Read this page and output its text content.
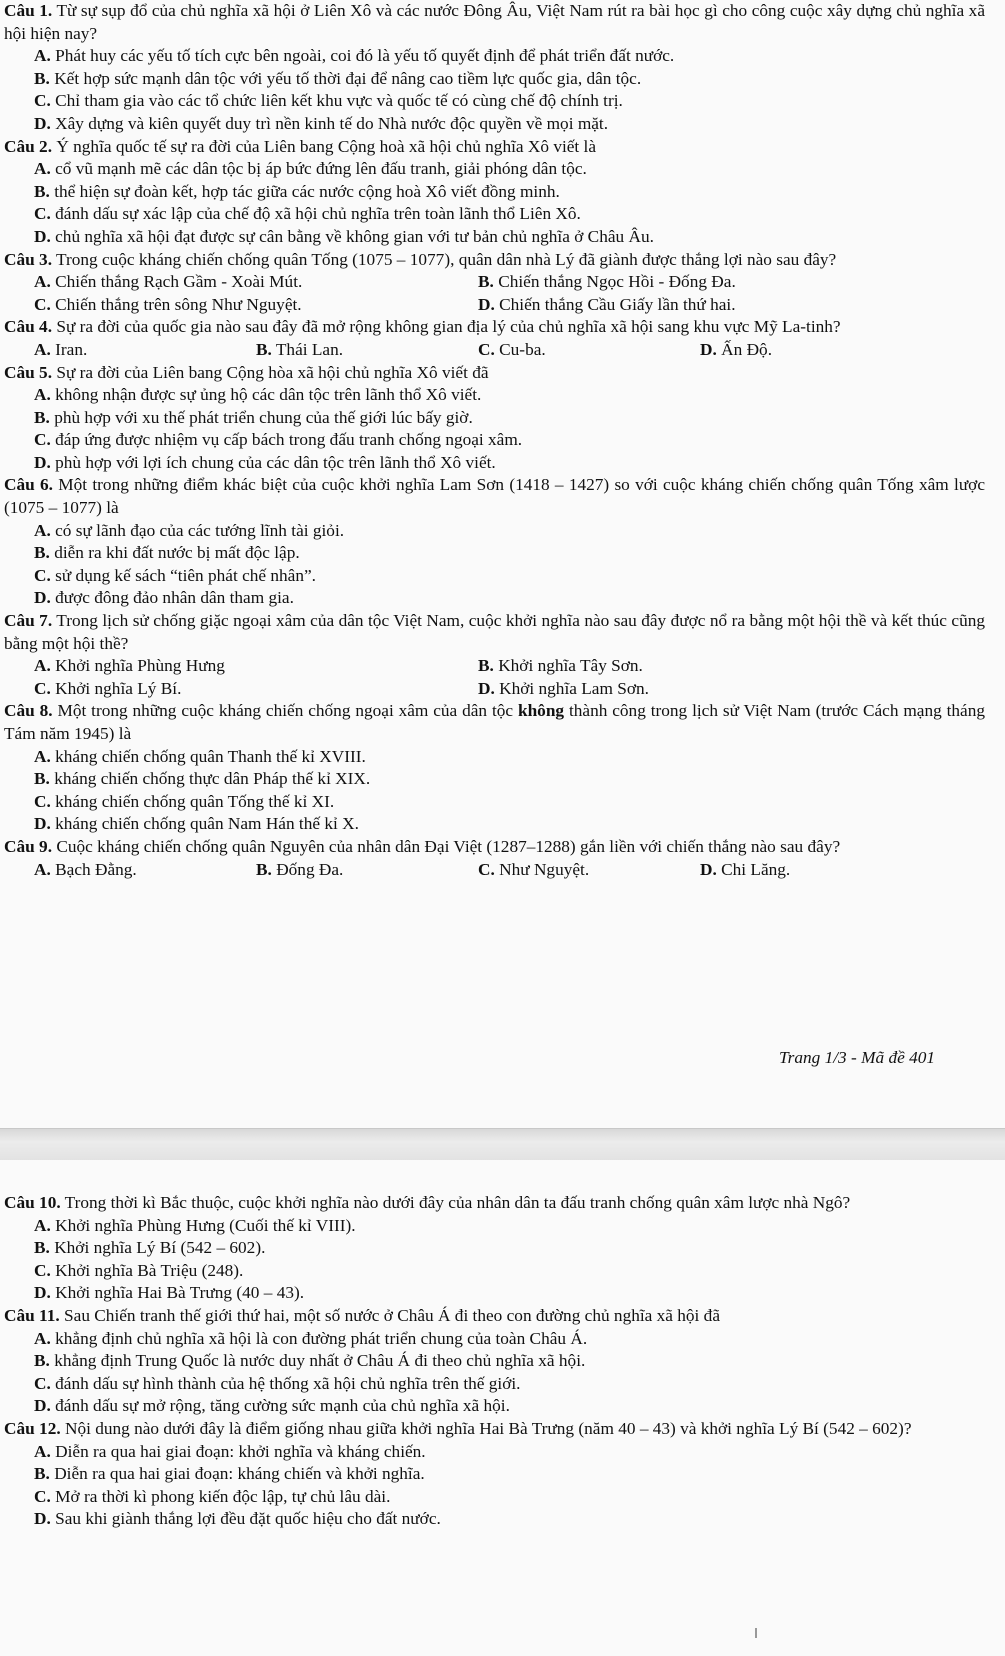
Câu 1. Từ sự sụp đổ của chủ nghĩa xã hội ở Liên Xô và các nước Đông Âu, Việt Nam rút ra bài học gì cho công cuộc xây dựng chủ nghĩa xã hội hiện nay?

A. Phát huy các yếu tố tích cực bên ngoài, coi đó là yếu tố quyết định để phát triển đất nước.

B. Kết hợp sức mạnh dân tộc với yếu tố thời đại để nâng cao tiềm lực quốc gia, dân tộc.

C. Chỉ tham gia vào các tổ chức liên kết khu vực và quốc tế có cùng chế độ chính trị.

D. Xây dựng và kiên quyết duy trì nền kinh tế do Nhà nước độc quyền về mọi mặt.

Câu 2. Ý nghĩa quốc tế sự ra đời của Liên bang Cộng hoà xã hội chủ nghĩa Xô viết là

A. cổ vũ mạnh mẽ các dân tộc bị áp bức đứng lên đấu tranh, giải phóng dân tộc.

B. thể hiện sự đoàn kết, hợp tác giữa các nước cộng hoà Xô viết đồng minh.

C. đánh dấu sự xác lập của chế độ xã hội chủ nghĩa trên toàn lãnh thổ Liên Xô.

D. chủ nghĩa xã hội đạt được sự cân bằng về không gian với tư bản chủ nghĩa ở Châu Âu.

Câu 3. Trong cuộc kháng chiến chống quân Tống (1075 – 1077), quân dân nhà Lý đã giành được thắng lợi nào sau đây?

A. Chiến thắng Rạch Gầm - Xoài Mút.	B. Chiến thắng Ngọc Hồi - Đống Đa.
C. Chiến thắng trên sông Như Nguyệt.	D. Chiến thắng Cầu Giấy lần thứ hai.

Câu 4. Sự ra đời của quốc gia nào sau đây đã mở rộng không gian địa lý của chủ nghĩa xã hội sang khu vực Mỹ La-tinh?

A. Iran.	B. Thái Lan.	C. Cu-ba.	D. Ấn Độ.

Câu 5. Sự ra đời của Liên bang Cộng hòa xã hội chủ nghĩa Xô viết đã

A. không nhận được sự ủng hộ các dân tộc trên lãnh thổ Xô viết.

B. phù hợp với xu thế phát triển chung của thế giới lúc bấy giờ.

C. đáp ứng được nhiệm vụ cấp bách trong đấu tranh chống ngoại xâm.

D. phù hợp với lợi ích chung của các dân tộc trên lãnh thổ Xô viết.

Câu 6. Một trong những điểm khác biệt của cuộc khởi nghĩa Lam Sơn (1418 – 1427) so với cuộc kháng chiến chống quân Tống xâm lược (1075 – 1077) là

A. có sự lãnh đạo của các tướng lĩnh tài giỏi.

B. diễn ra khi đất nước bị mất độc lập.

C. sử dụng kế sách “tiên phát chế nhân”.

D. được đông đảo nhân dân tham gia.

Câu 7. Trong lịch sử chống giặc ngoại xâm của dân tộc Việt Nam, cuộc khởi nghĩa nào sau đây được nổ ra bằng một hội thề và kết thúc cũng bằng một hội thề?

A. Khởi nghĩa Phùng Hưng	B. Khởi nghĩa Tây Sơn.
C. Khởi nghĩa Lý Bí.	D. Khởi nghĩa Lam Sơn.

Câu 8. Một trong những cuộc kháng chiến chống ngoại xâm của dân tộc không thành công trong lịch sử Việt Nam (trước Cách mạng tháng Tám năm 1945) là

A. kháng chiến chống quân Thanh thế kỉ XVIII.

B. kháng chiến chống thực dân Pháp thế kỉ XIX.

C. kháng chiến chống quân Tống thế kỉ XI.

D. kháng chiến chống quân Nam Hán thế kỉ X.

Câu 9. Cuộc kháng chiến chống quân Nguyên của nhân dân Đại Việt (1287–1288) gắn liền với chiến thắng nào sau đây?

A. Bạch Đằng.	B. Đống Đa.	C. Như Nguyệt.	D. Chi Lăng.
Trang 1/3 - Mã đề 401

Câu 10. Trong thời kì Bắc thuộc, cuộc khởi nghĩa nào dưới đây của nhân dân ta đấu tranh chống quân xâm lược nhà Ngô?

A. Khởi nghĩa Phùng Hưng (Cuối thế kỉ VIII).

B. Khởi nghĩa Lý Bí (542 – 602).

C. Khởi nghĩa Bà Triệu (248).

D. Khởi nghĩa Hai Bà Trưng (40 – 43).

Câu 11. Sau Chiến tranh thế giới thứ hai, một số nước ở Châu Á đi theo con đường chủ nghĩa xã hội đã

A. khẳng định chủ nghĩa xã hội là con đường phát triển chung của toàn Châu Á.

B. khẳng định Trung Quốc là nước duy nhất ở Châu Á đi theo chủ nghĩa xã hội.

C. đánh dấu sự hình thành của hệ thống xã hội chủ nghĩa trên thế giới.

D. đánh dấu sự mở rộng, tăng cường sức mạnh của chủ nghĩa xã hội.

Câu 12. Nội dung nào dưới đây là điểm giống nhau giữa khởi nghĩa Hai Bà Trưng (năm 40 – 43) và khởi nghĩa Lý Bí (542 – 602)?

A. Diễn ra qua hai giai đoạn: khởi nghĩa và kháng chiến.

B. Diễn ra qua hai giai đoạn: kháng chiến và khởi nghĩa.

C. Mở ra thời kì phong kiến độc lập, tự chủ lâu dài.

D. Sau khi giành thắng lợi đều đặt quốc hiệu cho đất nước.
